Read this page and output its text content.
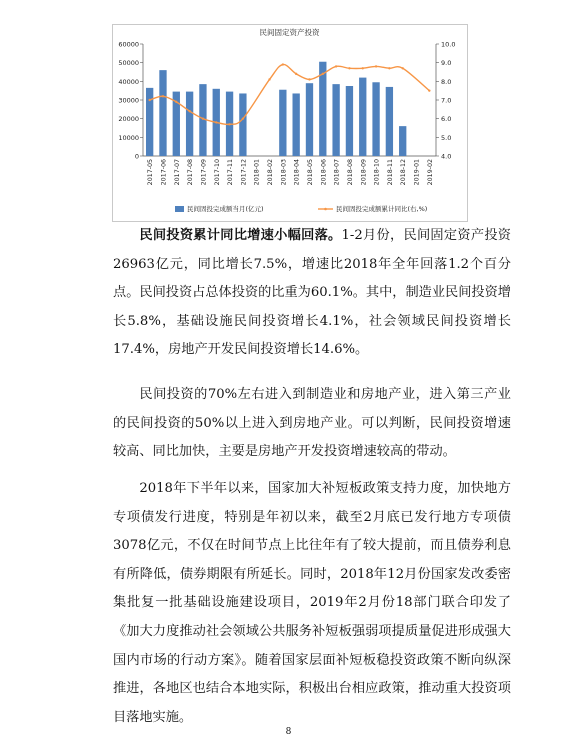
民间固定资产投资
0
10000
20000
30000
40000
50000
60000
4.0
5.0
6.0
7.0
8.0
9.0
10.0
2017-05 2017-06 2017-07 2017-08 2017-09 2017-10 2017-11 2017-12 2018-01 2018-02 2018-03 2018-04 2018-05 2018-06 2018-07 2018-08 2018-09 2018-10 2018-11 2018-12 2019-01 2019-02
民间固投完成额当月(亿元)	民间固投完成额累计同比(右,%)

民间投资累计同比增速小幅回落。1-2月份，民间固定资产投资26963亿元，同比增长7.5%，增速比2018年全年回落1.2个百分点。民间投资占总体投资的比重为60.1%。其中，制造业民间投资增长5.8%，基础设施民间投资增长4.1%，社会领域民间投资增长17.4%，房地产开发民间投资增长14.6%。

民间投资的70%左右进入到制造业和房地产业，进入第三产业的民间投资的50%以上进入到房地产业。可以判断，民间投资增速较高、同比加快，主要是房地产开发投资增速较高的带动。

2018年下半年以来，国家加大补短板政策支持力度，加快地方专项债发行进度，特别是年初以来，截至2月底已发行地方专项债3078亿元，不仅在时间节点上比往年有了较大提前，而且债券利息有所降低，债券期限有所延长。同时，2018年12月份国家发改委密集批复一批基础设施建设项目，2019年2月份18部门联合印发了《加大力度推动社会领域公共服务补短板强弱项提质量促进形成强大国内市场的行动方案》。随着国家层面补短板稳投资政策不断向纵深推进，各地区也结合本地实际，积极出台相应政策，推动重大投资项目落地实施。

8
